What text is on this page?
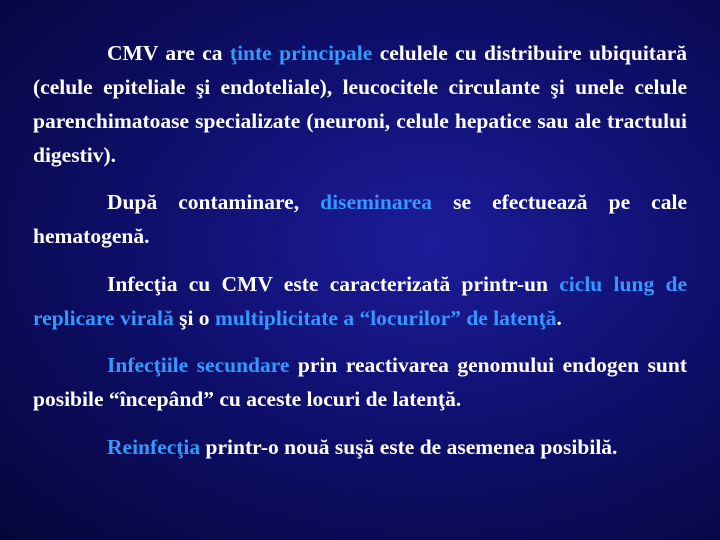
CMV are ca ţinte principale celulele cu distribuire ubiquitară (celule epiteliale şi endoteliale), leucocitele circulante şi unele celule parenchimatoase specializate (neuroni, celule hepatice sau ale tractului digestiv).

După contaminare, diseminarea se efectuează pe cale hematogenă.

Infecţia cu CMV este caracterizată printr-un ciclu lung de replicare virală şi o multiplicitate a “locurilor” de latenţă.

Infecţiile secundare prin reactivarea genomului endogen sunt posibile “începând” cu aceste locuri de latenţă.

Reinfecţia printr-o nouă suşă este de asemenea posibilă.
